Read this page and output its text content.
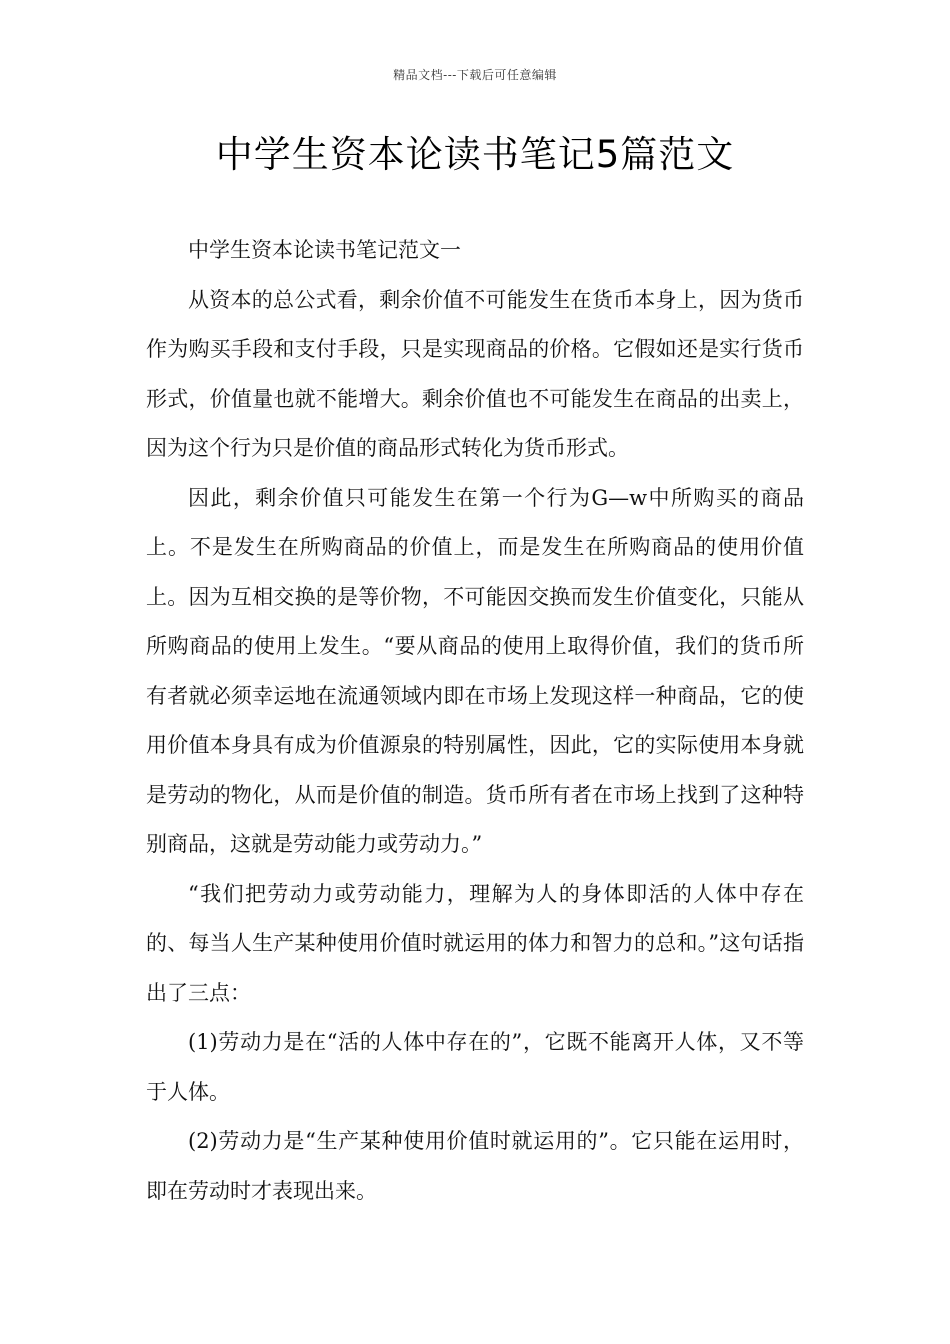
精品文档---下载后可任意编辑
中学生资本论读书笔记5篇范文

中学生资本论读书笔记范文一

从资本的总公式看，剩余价值不可能发生在货币本身上，因为货币作为购买手段和支付手段，只是实现商品的价格。它假如还是实行货币形式，价值量也就不能增大。剩余价值也不可能发生在商品的出卖上，因为这个行为只是价值的商品形式转化为货币形式。

因此，剩余价值只可能发生在第一个行为G—w中所购买的商品上。不是发生在所购商品的价值上，而是发生在所购商品的使用价值上。因为互相交换的是等价物，不可能因交换而发生价值变化，只能从所购商品的使用上发生。“要从商品的使用上取得价值，我们的货币所有者就必须幸运地在流通领域内即在市场上发现这样一种商品，它的使用价值本身具有成为价值源泉的特别属性，因此，它的实际使用本身就是劳动的物化，从而是价值的制造。货币所有者在市场上找到了这种特别商品，这就是劳动能力或劳动力。”

“我们把劳动力或劳动能力，理解为人的身体即活的人体中存在的、每当人生产某种使用价值时就运用的体力和智力的总和。”这句话指出了三点：

(1)劳动力是在“活的人体中存在的”，它既不能离开人体，又不等于人体。

(2)劳动力是“生产某种使用价值时就运用的”。它只能在运用时，即在劳动时才表现出来。
